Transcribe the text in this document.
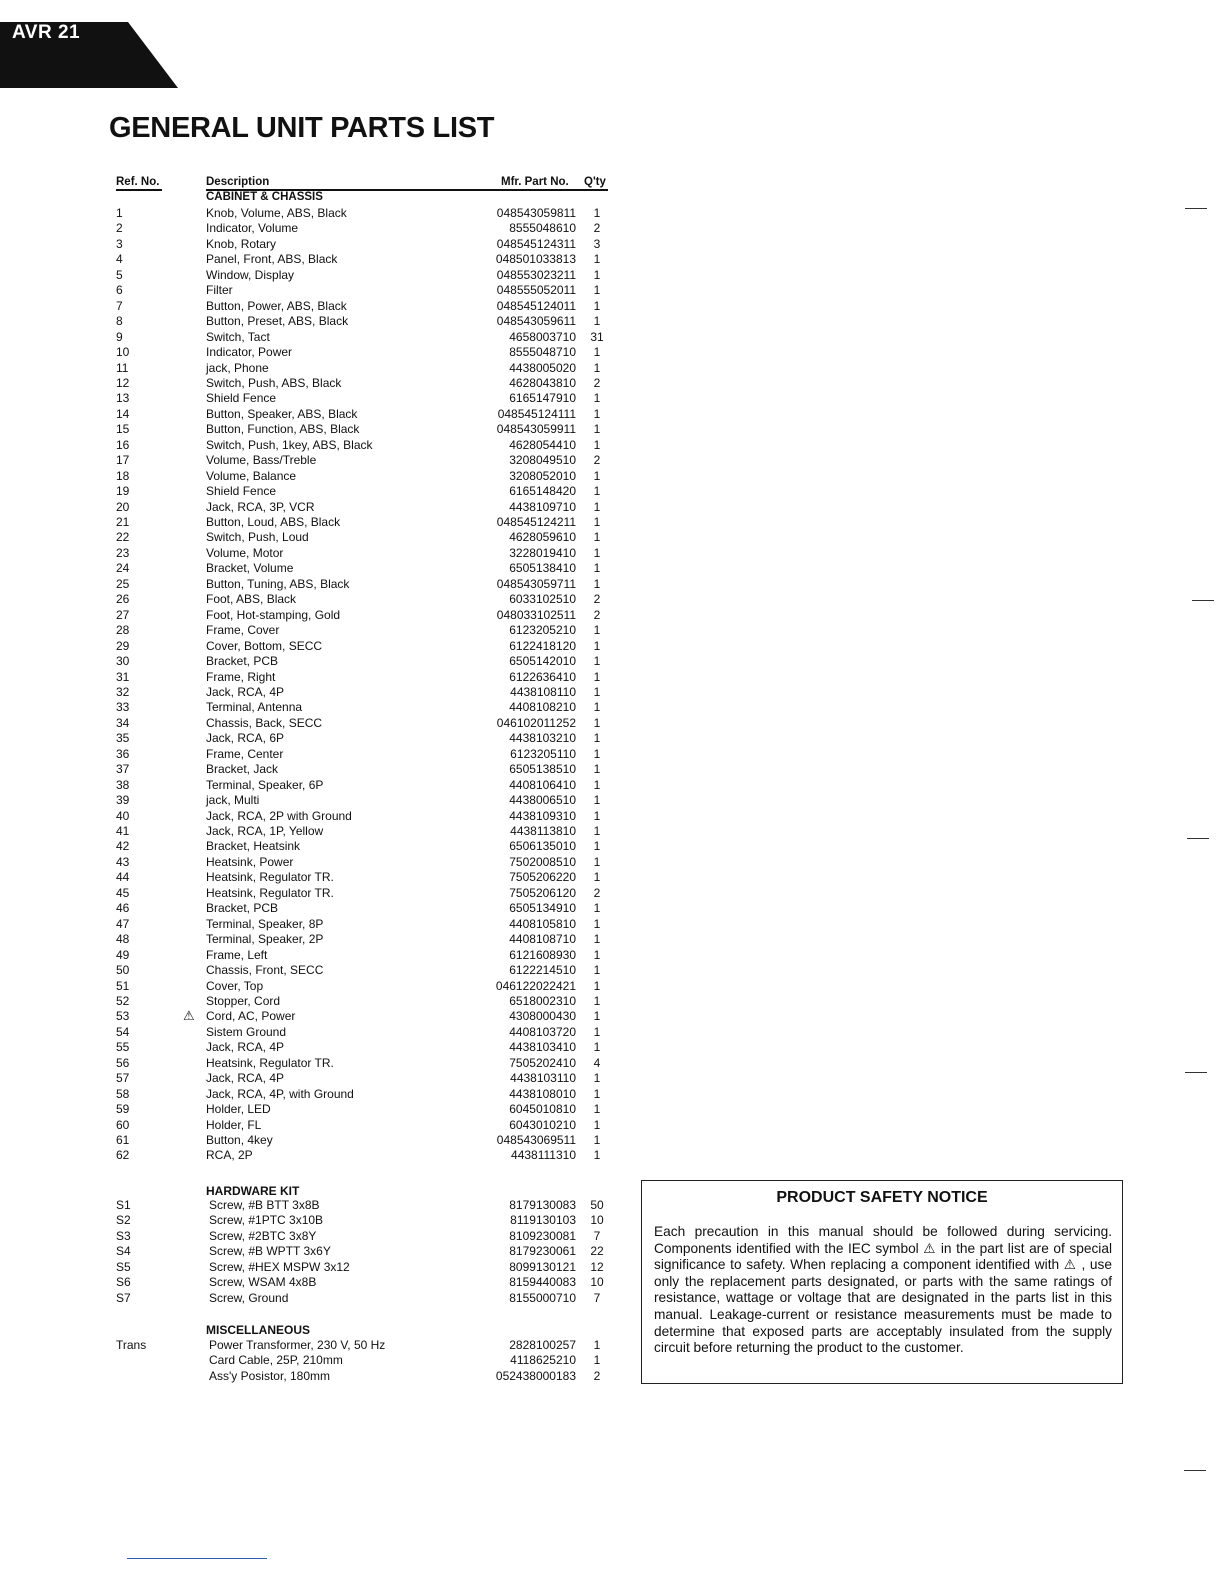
AVR 21
GENERAL UNIT PARTS LIST
Ref. No.	Description	Mfr. Part No. Q'ty
CABINET & CHASSIS
1	Knob, Volume, ABS, Black	048543059811	1
2	Indicator, Volume	8555048610	2
3	Knob, Rotary	048545124311	3
4	Panel, Front, ABS, Black	048501033813	1
5	Window, Display	048553023211	1
6	Filter	048555052011	1
7	Button, Power, ABS, Black	048545124011	1
8	Button, Preset, ABS, Black	048543059611	1
9	Switch, Tact	4658003710	31
10	Indicator, Power	8555048710	1
11	jack, Phone	4438005020	1
12	Switch, Push, ABS, Black	4628043810	2
13	Shield Fence	6165147910	1
14	Button, Speaker, ABS, Black	048545124111	1
15	Button, Function, ABS, Black	048543059911	1
16	Switch, Push, 1key, ABS, Black	4628054410	1
17	Volume, Bass/Treble	3208049510	2
18	Volume, Balance	3208052010	1
19	Shield Fence	6165148420	1
20	Jack, RCA, 3P, VCR	4438109710	1
21	Button, Loud, ABS, Black	048545124211	1
22	Switch, Push, Loud	4628059610	1
23	Volume, Motor	3228019410	1
24	Bracket, Volume	6505138410	1
25	Button, Tuning, ABS, Black	048543059711	1
26	Foot, ABS, Black	6033102510	2
27	Foot, Hot-stamping, Gold	048033102511	2
28	Frame, Cover	6123205210	1
29	Cover, Bottom, SECC	6122418120	1
30	Bracket, PCB	6505142010	1
31	Frame, Right	6122636410	1
32	Jack, RCA, 4P	4438108110	1
33	Terminal, Antenna	4408108210	1
34	Chassis, Back, SECC	046102011252	1
35	Jack, RCA, 6P	4438103210	1
36	Frame, Center	6123205110	1
37	Bracket, Jack	6505138510	1
38	Terminal, Speaker, 6P	4408106410	1
39	jack, Multi	4438006510	1
40	Jack, RCA, 2P with Ground	4438109310	1
41	Jack, RCA, 1P, Yellow	4438113810	1
42	Bracket, Heatsink	6506135010	1
43	Heatsink, Power	7502008510	1
44	Heatsink, Regulator TR.	7505206220	1
45	Heatsink, Regulator TR.	7505206120	2
46	Bracket, PCB	6505134910	1
47	Terminal, Speaker, 8P	4408105810	1
48	Terminal, Speaker, 2P	4408108710	1
49	Frame, Left	6121608930	1
50	Chassis, Front, SECC	6122214510	1
51	Cover, Top	046122022421	1
52	Stopper, Cord	6518002310	1
53	Cord, AC, Power	4308000430	1
⚠
54	Sistem Ground	4408103720	1
55	Jack, RCA, 4P	4438103410	1
56	Heatsink, Regulator TR.	7505202410	4
57	Jack, RCA, 4P	4438103110	1
58	Jack, RCA, 4P, with Ground	4438108010	1
59	Holder, LED	6045010810	1
60	Holder, FL	6043010210	1
61	Button, 4key	048543069511	1
62	RCA, 2P	4438111310	1
HARDWARE KIT
S1	Screw, #B BTT 3x8B	8179130083	50
S2	Screw, #1PTC 3x10B	8119130103	10
S3	Screw, #2BTC 3x8Y	8109230081	7
S4	Screw, #B WPTT 3x6Y	8179230061	22
S5	Screw, #HEX MSPW 3x12	8099130121	12
S6	Screw, WSAM 4x8B	8159440083	10
S7	Screw, Ground	8155000710	7
MISCELLANEOUS
Trans	Power Transformer, 230 V, 50 Hz	2828100257	1
Card Cable, 25P, 210mm	4118625210	1
Ass'y Posistor, 180mm	052438000183	2
PRODUCT SAFETY NOTICE
Each precaution in this manual should be followed during servicing. Components identified with the IEC symbol ⚠ in the part list are of special significance to safety. When replacing a component identified with ⚠ , use only the replacement parts designated, or parts with the same ratings of resistance, wattage or voltage that are designated in the parts list in this manual. Leakage-current or resistance measurements must be made to determine that exposed parts are acceptably insulated from the supply circuit before returning the product to the customer.
